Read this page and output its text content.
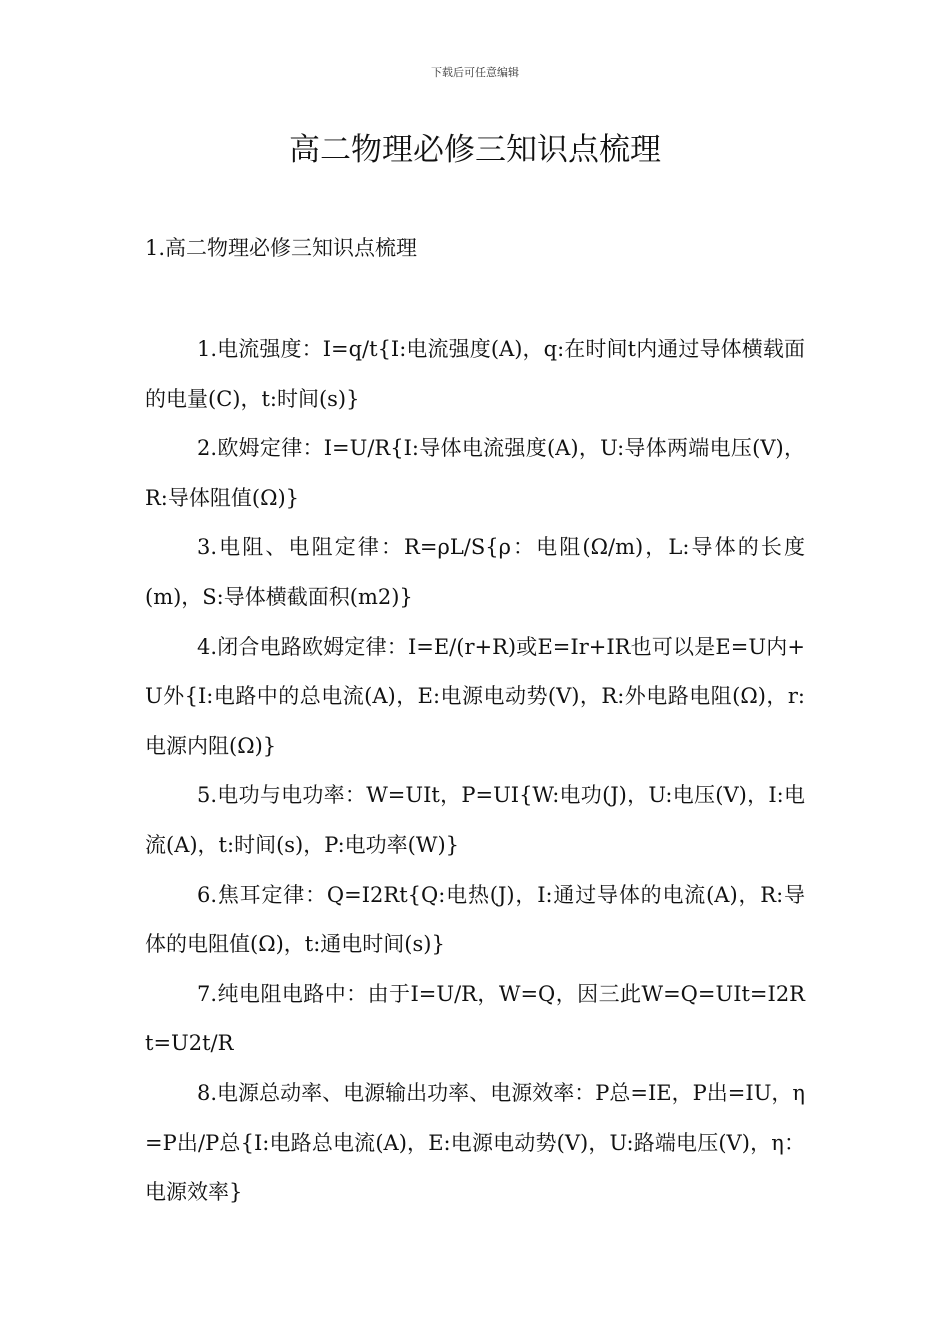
下载后可任意编辑
高二物理必修三知识点梳理
1.高二物理必修三知识点梳理

1.电流强度：I=q/t{I:电流强度(A)，q:在时间t内通过导体横载面的电量(C)，t:时间(s)}

2.欧姆定律：I=U/R{I:导体电流强度(A)，U:导体两端电压(V)，R:导体阻值(Ω)}

3.电阻、电阻定律：R=ρL/S{ρ：电阻(Ω/m)，L:导体的长度(m)，S:导体横截面积(m2)}

4.闭合电路欧姆定律：I=E/(r+R)或E=Ir+IR也可以是E=U内+U外{I:电路中的总电流(A)，E:电源电动势(V)，R:外电路电阻(Ω)，r:电源内阻(Ω)}

5.电功与电功率：W=UIt，P=UI{W:电功(J)，U:电压(V)，I:电流(A)，t:时间(s)，P:电功率(W)}

6.焦耳定律：Q=I2Rt{Q:电热(J)，I:通过导体的电流(A)，R:导体的电阻值(Ω)，t:通电时间(s)}

7.纯电阻电路中：由于I=U/R，W=Q，因三此W=Q=UIt=I2Rt=U2t/R

8.电源总动率、电源输出功率、电源效率：P总=IE，P出=IU，η=P出/P总{I:电路总电流(A)，E:电源电动势(V)，U:路端电压(V)，η：电源效率}
